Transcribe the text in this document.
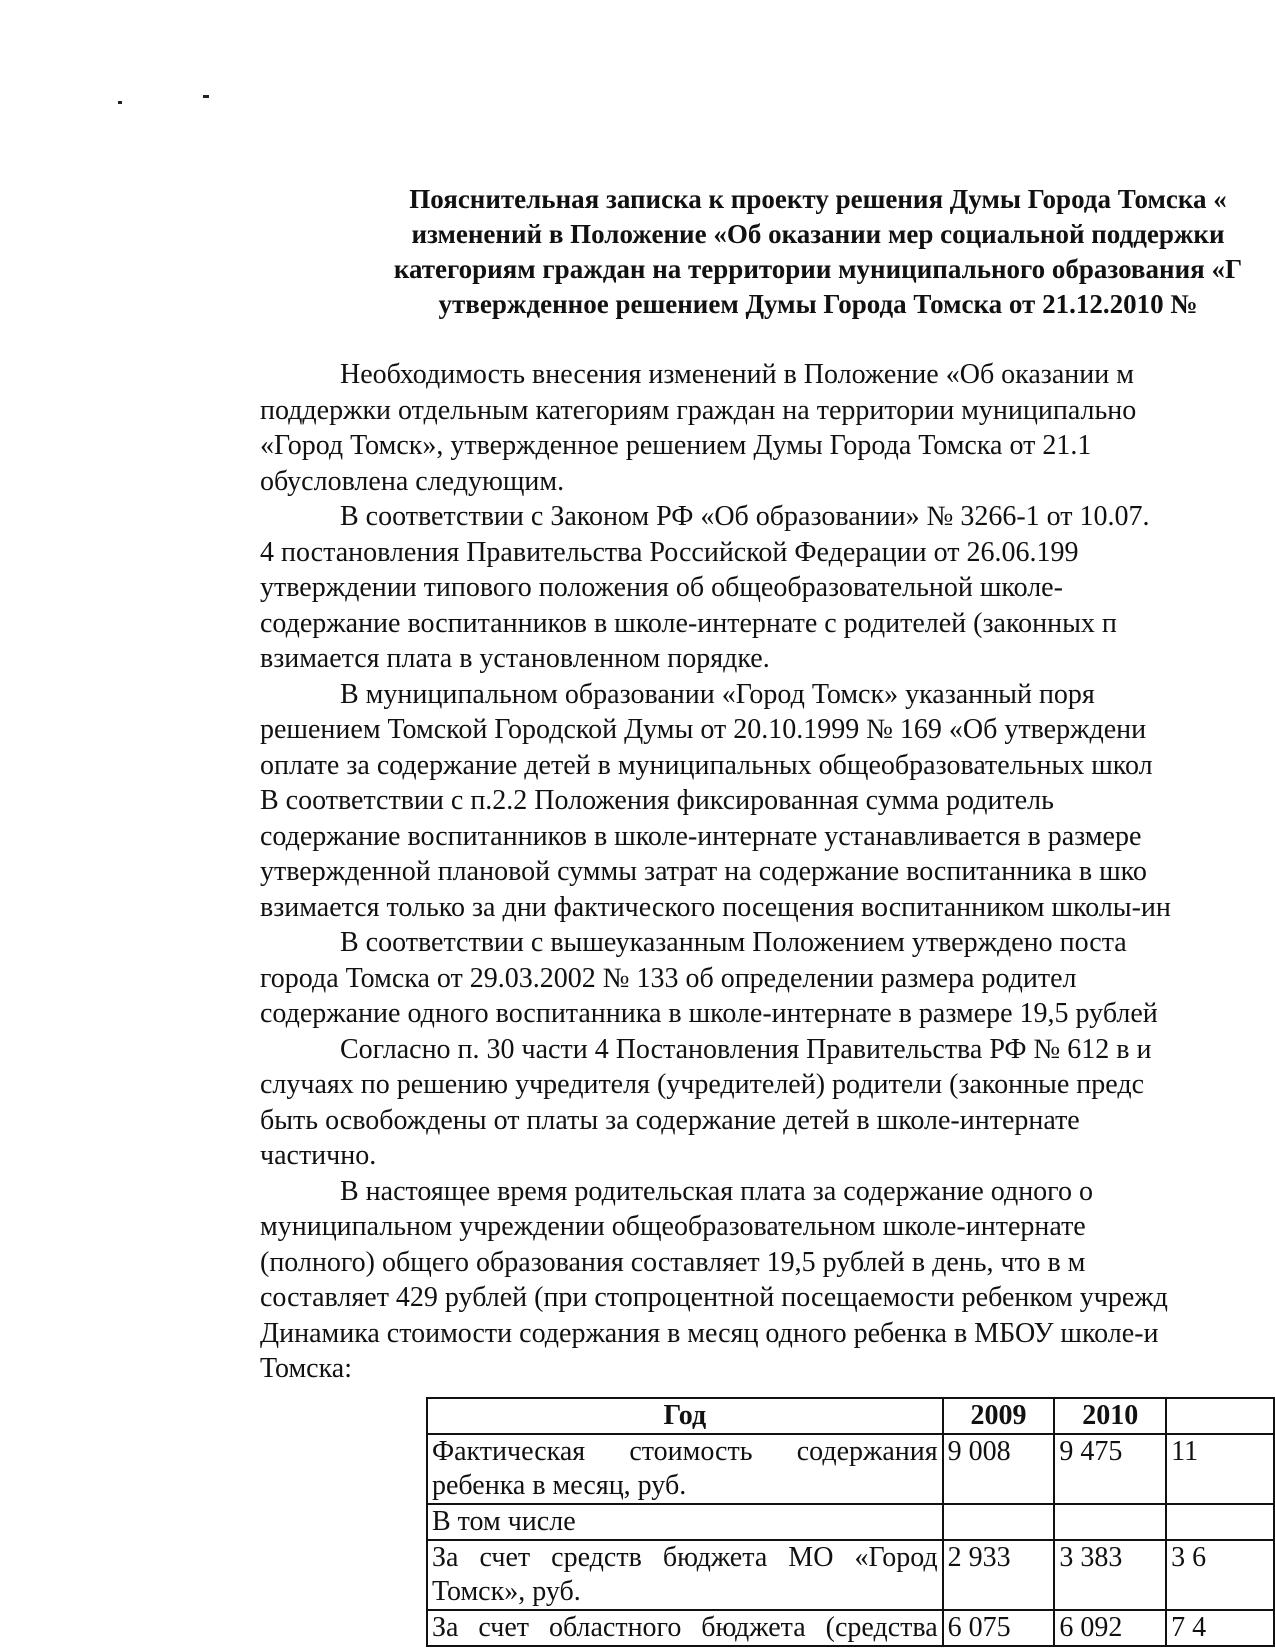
Пояснительная записка к проекту решения Думы Города Томска «
изменений в Положение «Об оказании мер социальной поддержки
категориям граждан на территории муниципального образования «Г
утвержденное решением Думы Города Томска от 21.12.2010 №

Необходимость внесения изменений в Положение «Об оказании м
поддержки отдельным категориям граждан на территории муниципально
«Город Томск», утвержденное решением Думы Города Томска от 21.1
обусловлена следующим.

В соответствии с Законом РФ «Об образовании» № 3266-1 от 10.07.
4 постановления Правительства Российской Федерации от 26.06.199
утверждении типового положения об общеобразовательной школе-
содержание воспитанников в школе-интернате с родителей (законных п
взимается плата в установленном порядке.

В муниципальном образовании «Город Томск» указанный поря
решением Томской Городской Думы от 20.10.1999 № 169 «Об утверждени
оплате за содержание детей в муниципальных общеобразовательных школ
В соответствии с п.2.2 Положения фиксированная сумма родитель
содержание воспитанников в школе-интернате устанавливается в размере
утвержденной плановой суммы затрат на содержание воспитанника в шко
взимается только за дни фактического посещения воспитанником школы-ин

В соответствии с вышеуказанным Положением утверждено поста
города Томска от 29.03.2002 № 133 об определении размера родител
содержание одного воспитанника в школе-интернате в размере 19,5 рублей

Согласно п. 30 части 4 Постановления Правительства РФ № 612 в и
случаях по решению учредителя (учредителей) родители (законные предс
быть освобождены от платы за содержание детей в школе-интернате
частично.

В настоящее время родительская плата за содержание одного о
муниципальном учреждении общеобразовательном школе-интернате
(полного) общего образования составляет 19,5 рублей в день, что в м
составляет 429 рублей (при стопроцентной посещаемости ребенком учрежд
Динамика стоимости содержания в месяц одного ребенка в МБОУ школе-и
Томска:

Год	2009	2010	

Фактическая стоимость содержания
ребенка в месяц, руб.	9 008	9 475	11

В том числе			

За счет средств бюджета МО «Город
Томск», руб.	2 933	3 383	3 6

За счет областного бюджета (средства	6 075	6 092	7 4
